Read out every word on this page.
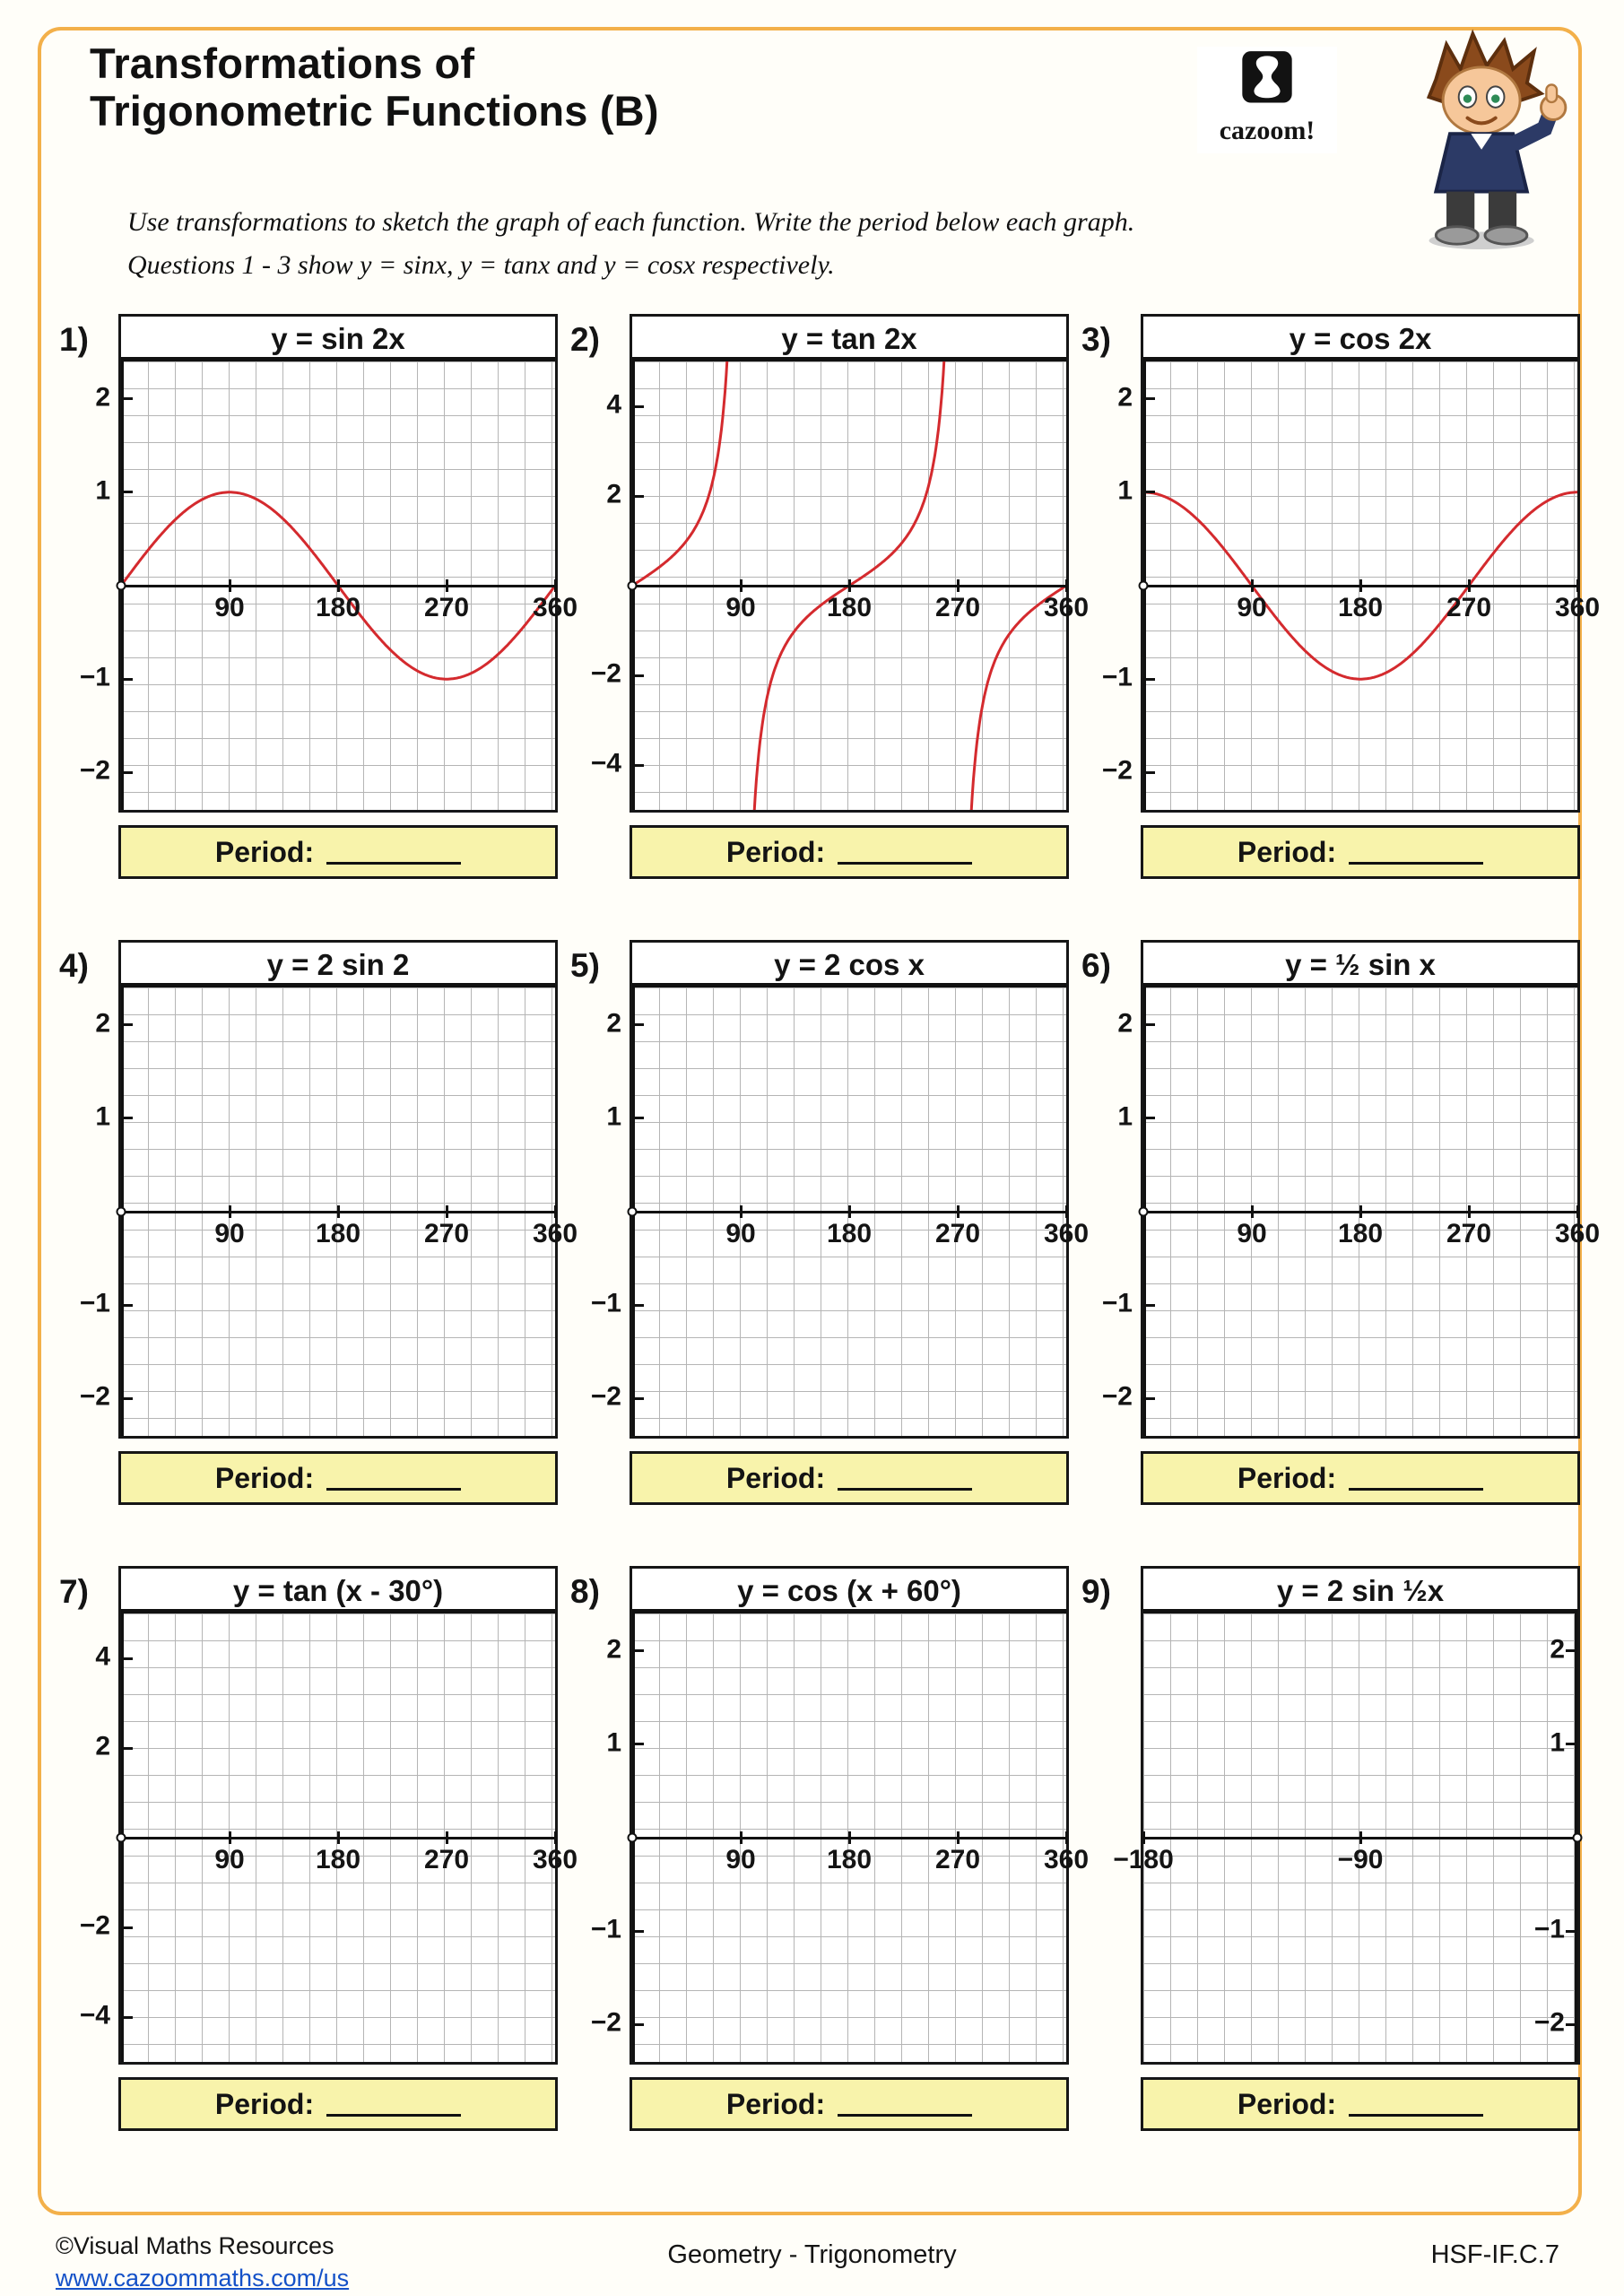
Transformations of
Trigonometric Functions (B)	cazoom!

Use transformations to sketch the graph of each function. Write the period below each graph.
Questions 1 - 3 show y = sinx, y = tanx and y = cosx respectively.

1)	y = sin 2x
2
1
−1
−2
90	180 270 360
Period:
2)	y = tan 2x
4
2
−2
−4
90	180 270 360
Period:
3)	y = cos 2x
2
1
−1
−2
90	180 270 360
Period:
4)	y = 2 sin 2
2
1
−1
−2
90	180 270 360
Period:
5)	y = 2 cos x
2
1
−1
−2
90	180 270 360
Period:
6)	y = ½ sin x
2
1
−1
−2
90	180 270 360
Period:
7)	y = tan (x - 30°)
4
2
−2
−4
90	180 270 360
Period:
8)	y = cos (x + 60°)
2
1
−1
−2
90	180 270 360
Period:
9)	y = 2 sin ½x
2
1
−1
−2
−180	−90
Period:
©Visual Maths Resources
www.cazoommaths.com/us
Geometry - Trigonometry	HSF-IF.C.7
